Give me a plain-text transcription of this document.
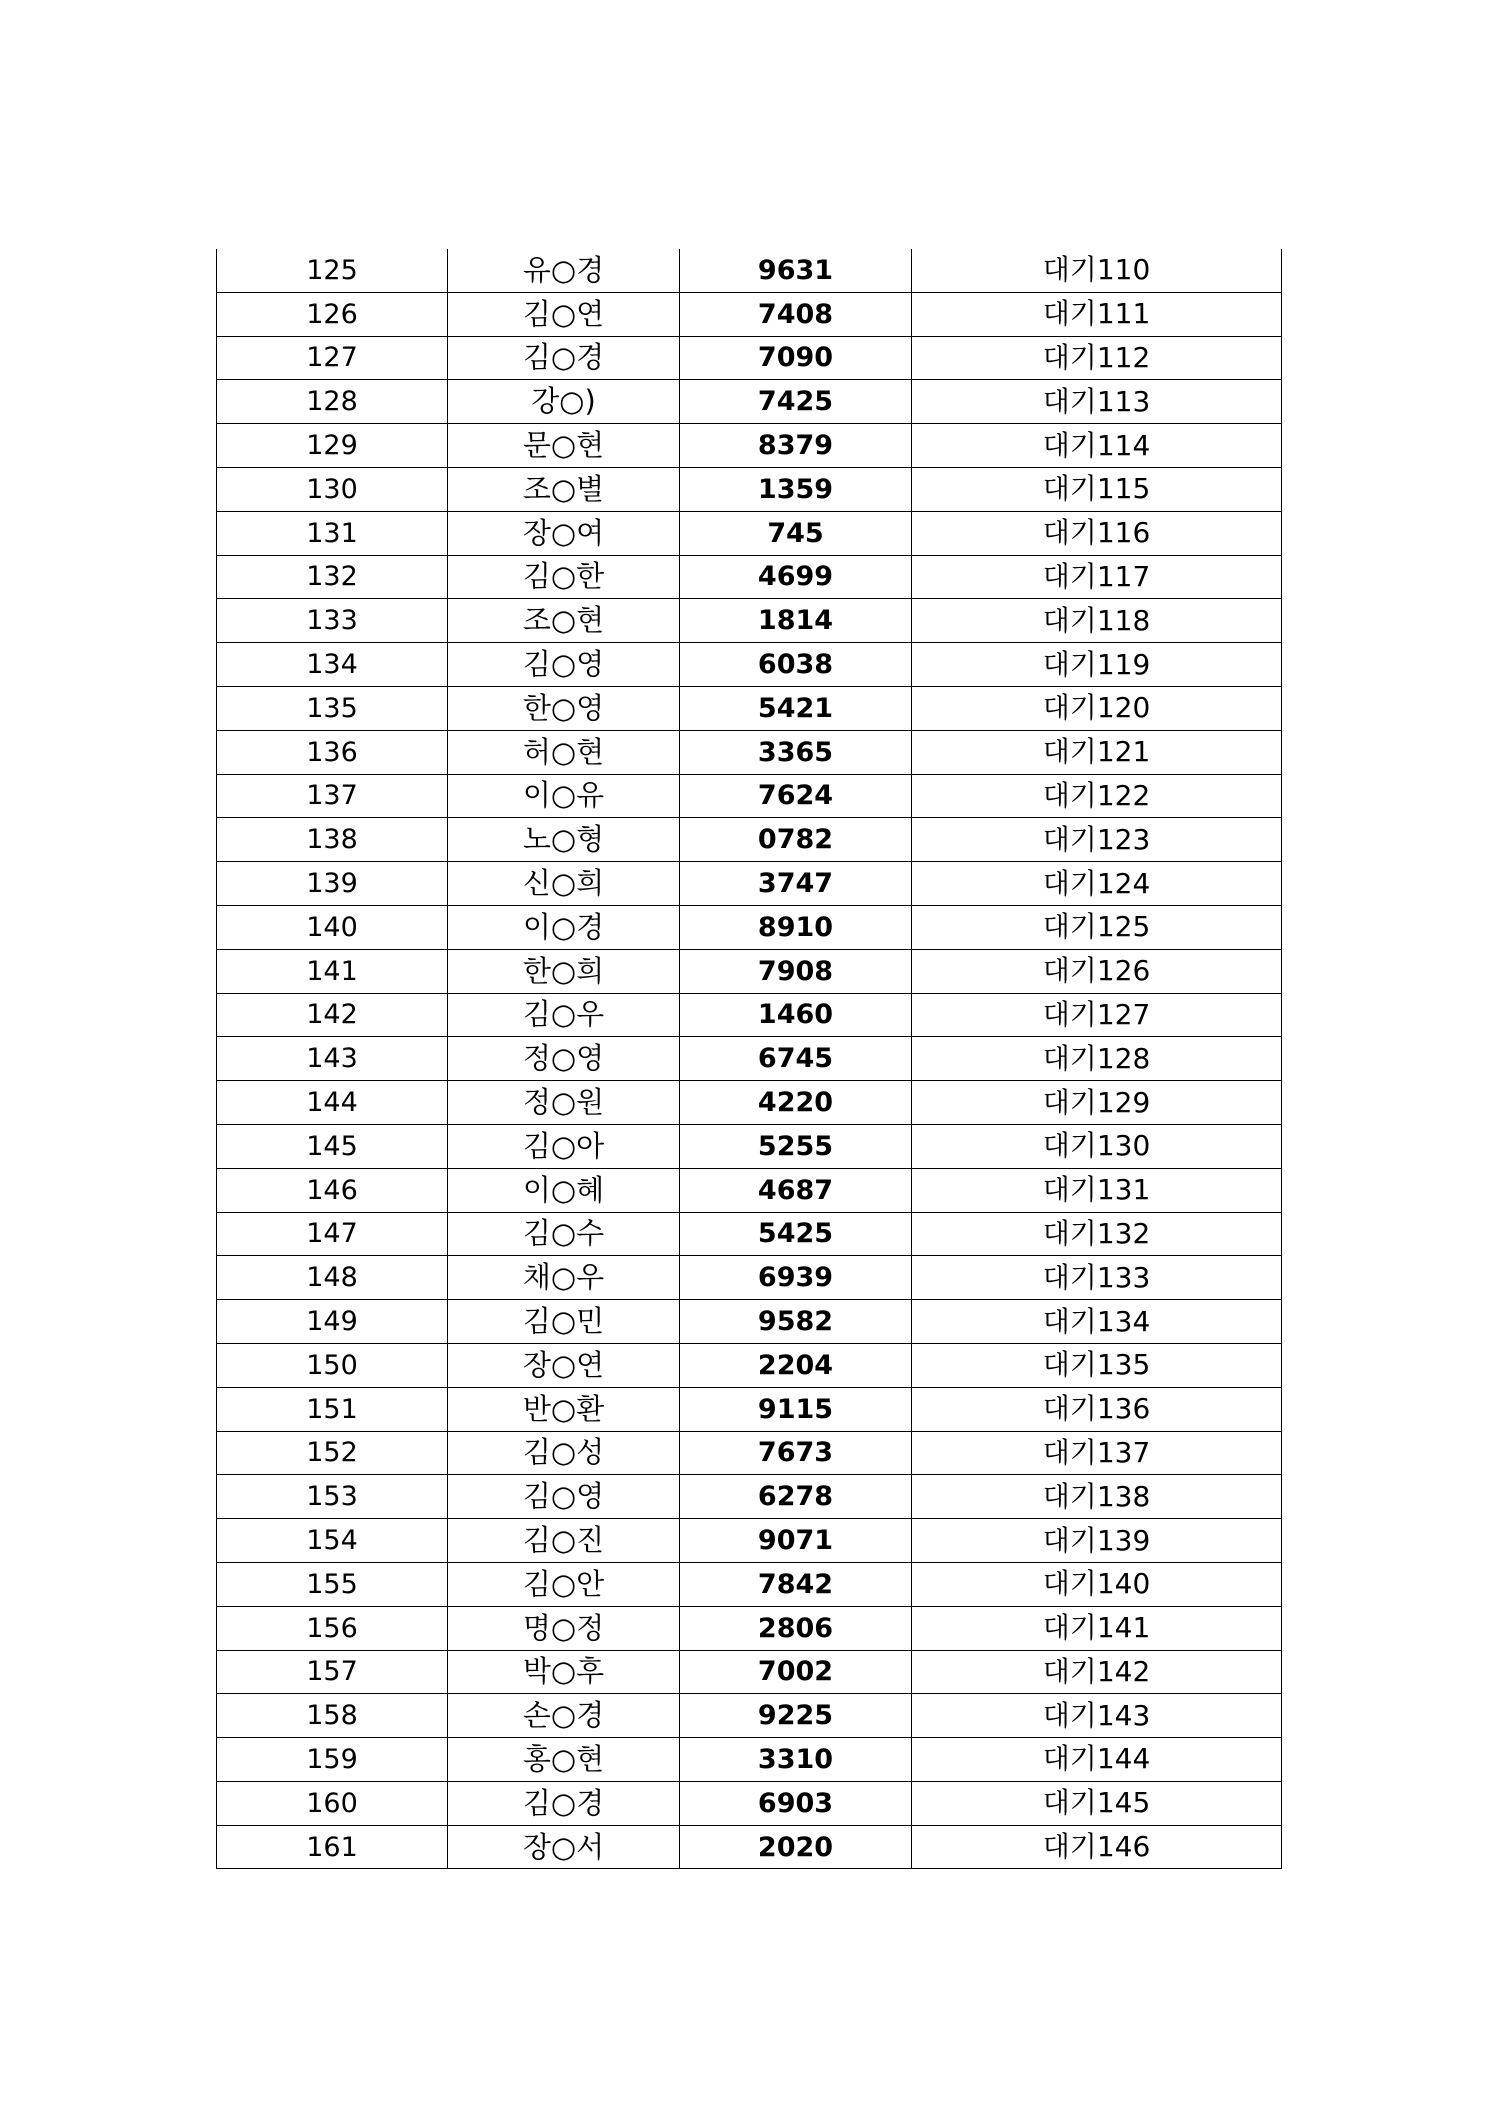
125	유○경	9631	대기110
126	김○연	7408	대기111
127	김○경	7090	대기112
128	강○)	7425	대기113
129	문○현	8379	대기114
130	조○별	1359	대기115
131	장○여	745	대기116
132	김○한	4699	대기117
133	조○현	1814	대기118
134	김○영	6038	대기119
135	한○영	5421	대기120
136	허○현	3365	대기121
137	이○유	7624	대기122
138	노○형	0782	대기123
139	신○희	3747	대기124
140	이○경	8910	대기125
141	한○희	7908	대기126
142	김○우	1460	대기127
143	정○영	6745	대기128
144	정○원	4220	대기129
145	김○아	5255	대기130
146	이○혜	4687	대기131
147	김○수	5425	대기132
148	채○우	6939	대기133
149	김○민	9582	대기134
150	장○연	2204	대기135
151	반○환	9115	대기136
152	김○성	7673	대기137
153	김○영	6278	대기138
154	김○진	9071	대기139
155	김○안	7842	대기140
156	명○정	2806	대기141
157	박○후	7002	대기142
158	손○경	9225	대기143
159	홍○현	3310	대기144
160	김○경	6903	대기145
161	장○서	2020	대기146
